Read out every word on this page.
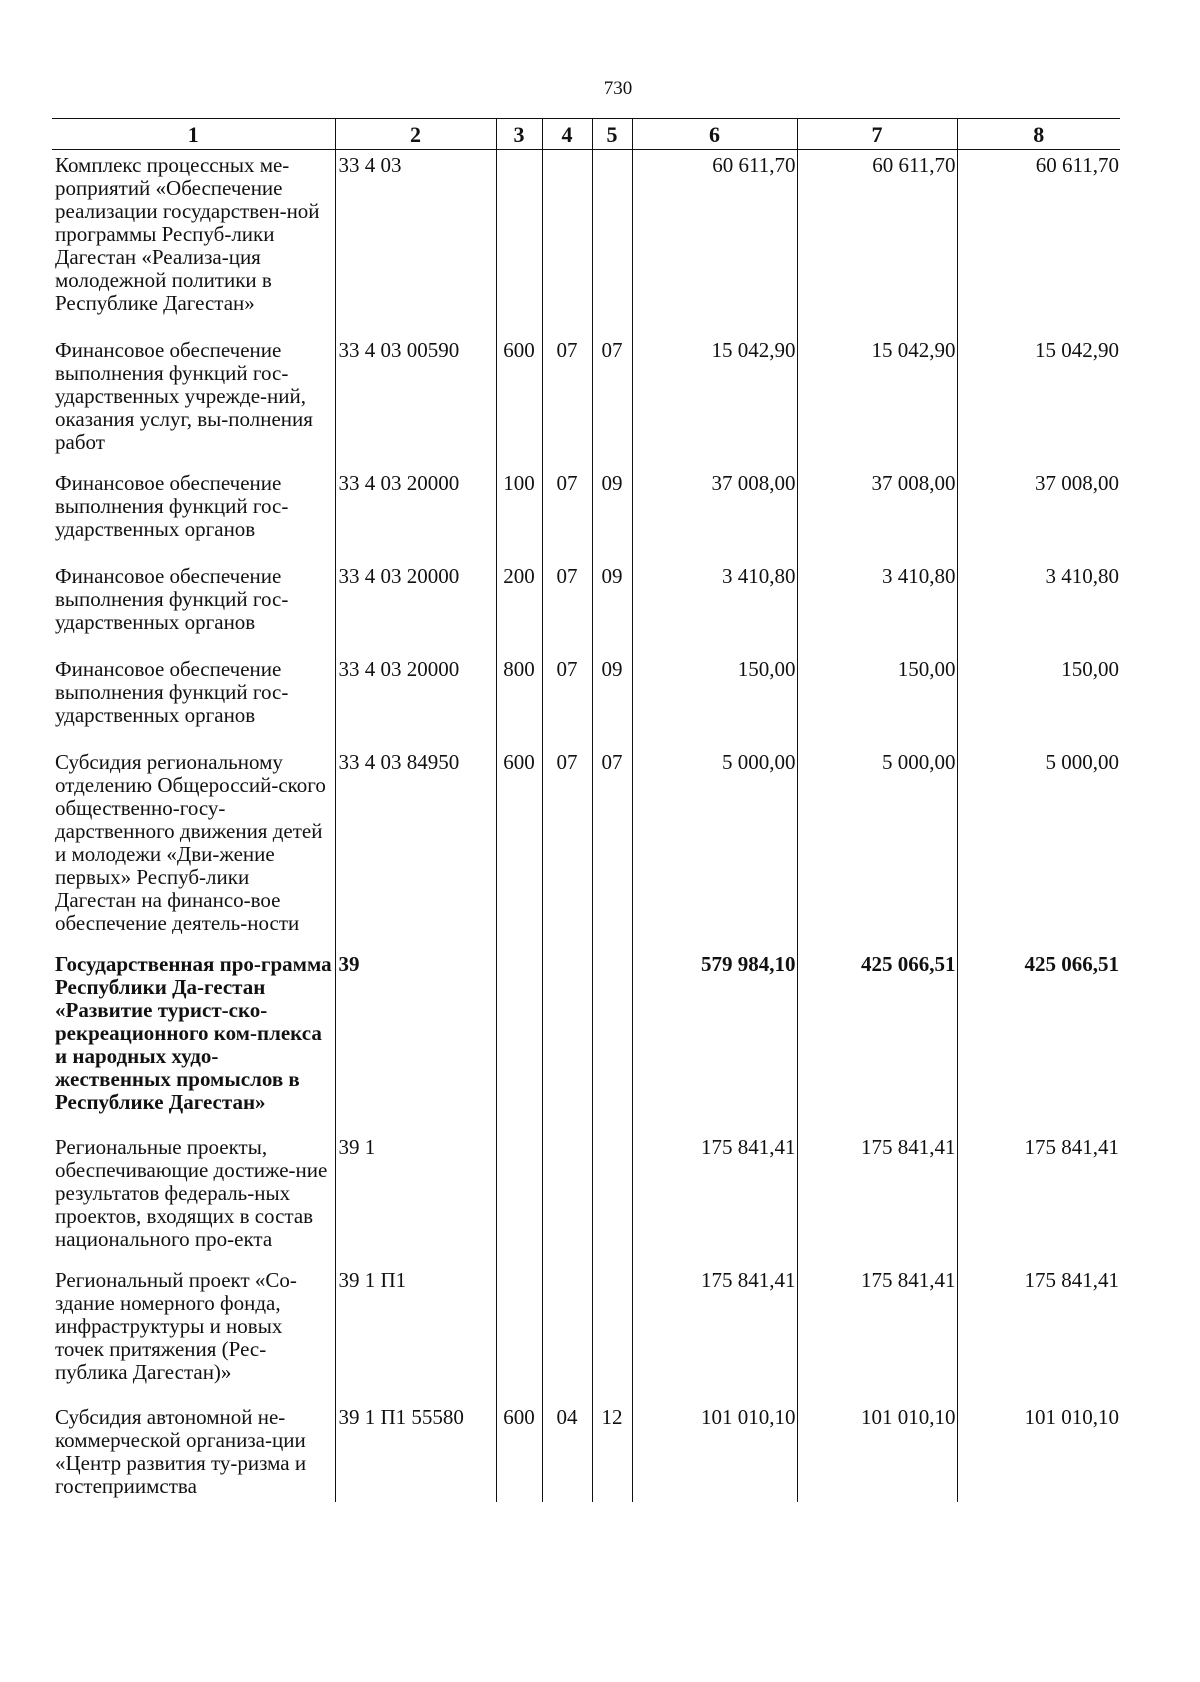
730
1	2	3	4	5	6	7	8
Комплекс процессных ме-роприятий «Обеспечение реализации государствен-ной программы Респуб-лики Дагестан «Реализа-ция молодежной политики в Республике Дагестан»	33 4 03				60 611,70	60 611,70	60 611,70
Финансовое обеспечение выполнения функций гос-ударственных учрежде-ний, оказания услуг, вы-полнения работ	33 4 03 00590	600	07	07	15 042,90	15 042,90	15 042,90
Финансовое обеспечение выполнения функций гос-ударственных органов	33 4 03 20000	100	07	09	37 008,00	37 008,00	37 008,00
Финансовое обеспечение выполнения функций гос-ударственных органов	33 4 03 20000	200	07	09	3 410,80	3 410,80	3 410,80
Финансовое обеспечение выполнения функций гос-ударственных органов	33 4 03 20000	800	07	09	150,00	150,00	150,00
Субсидия региональному отделению Общероссий-ского общественно-госу-дарственного движения детей и молодежи «Дви-жение первых» Респуб-лики Дагестан на финансо-вое обеспечение деятель-ности	33 4 03 84950	600	07	07	5 000,00	5 000,00	5 000,00
Государственная про-грамма Республики Да-гестан «Развитие турист-ско-рекреационного ком-плекса и народных худо-жественных промыслов в Республике Дагестан»	39				579 984,10	425 066,51	425 066,51
Региональные проекты, обеспечивающие достиже-ние результатов федераль-ных проектов, входящих в состав национального про-екта	39 1				175 841,41	175 841,41	175 841,41
Региональный проект «Со-здание номерного фонда, инфраструктуры и новых точек притяжения (Рес-публика Дагестан)»	39 1 П1				175 841,41	175 841,41	175 841,41
Субсидия автономной не-коммерческой организа-ции «Центр развития ту-ризма и гостеприимства	39 1 П1 55580	600	04	12	101 010,10	101 010,10	101 010,10
